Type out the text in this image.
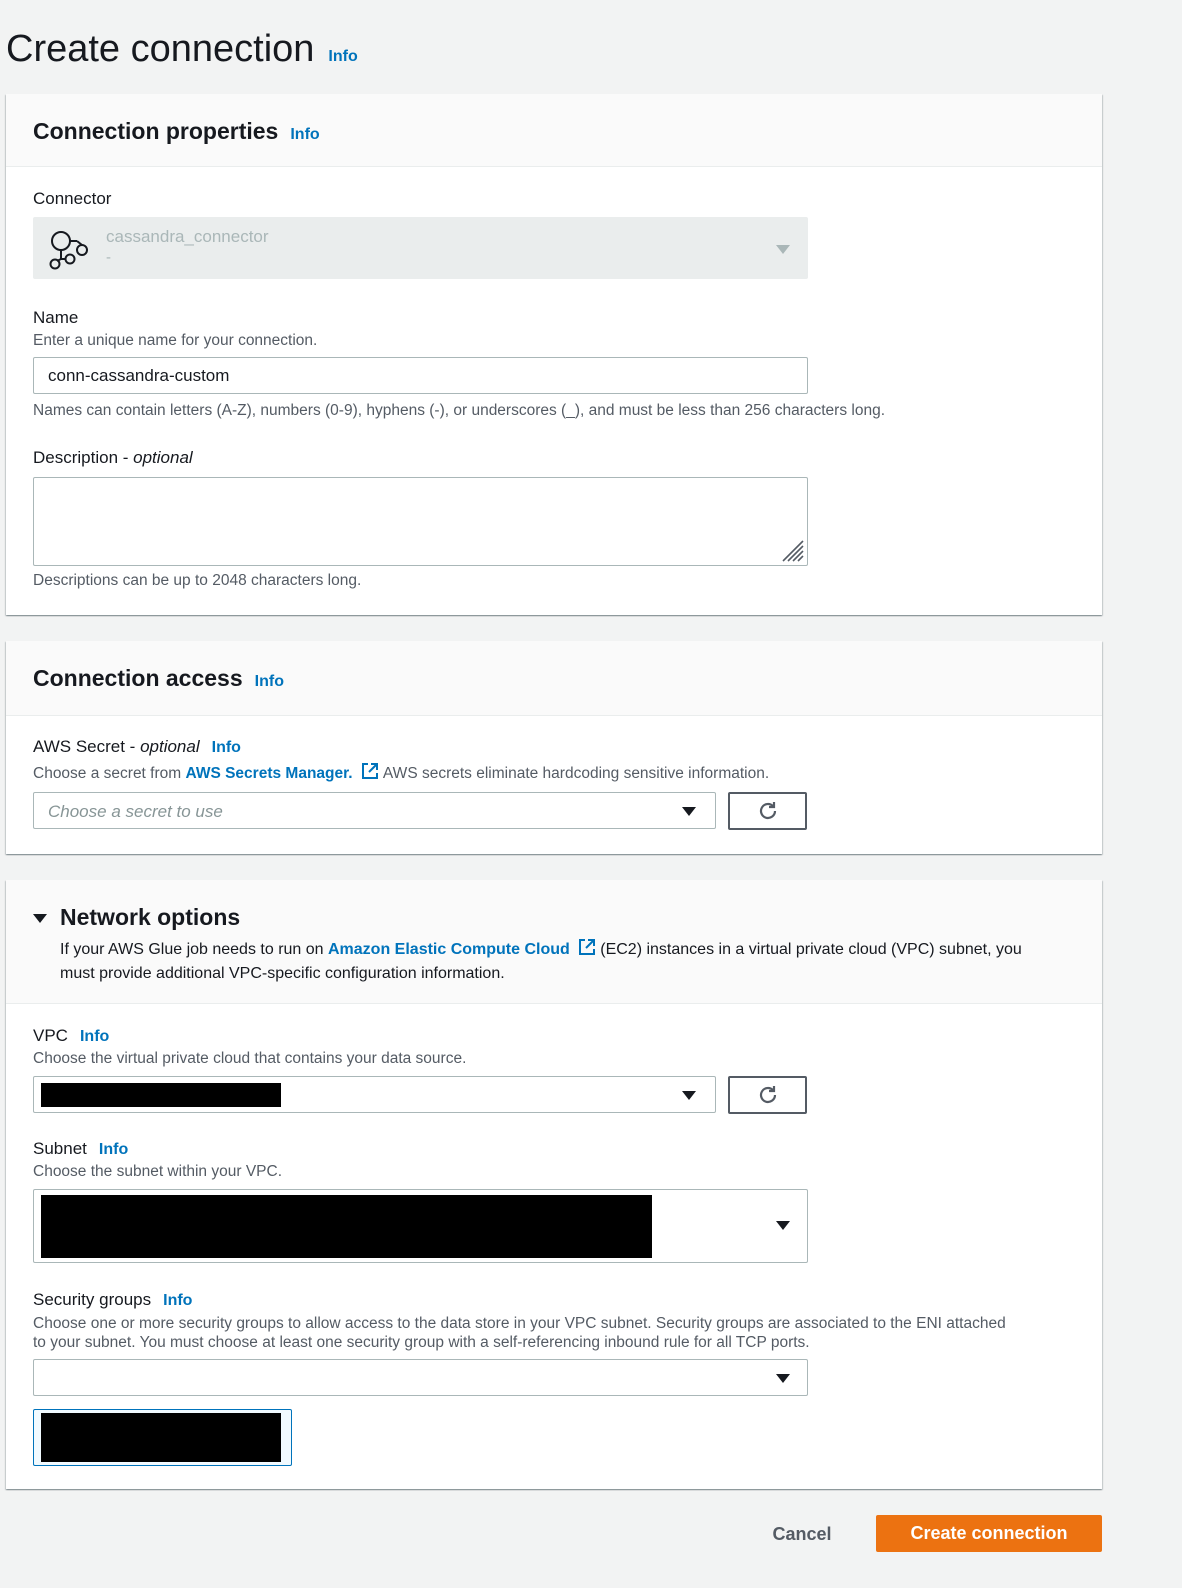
Create connection Info
Connection properties Info
Connector
cassandra_connector
-
Name
Enter a unique name for your connection.
conn-cassandra-custom
Names can contain letters (A-Z), numbers (0-9), hyphens (-), or underscores (_), and must be less than 256 characters long.
Description - optional
Descriptions can be up to 2048 characters long.
Connection access Info
AWS Secret - optional Info
Choose a secret from AWS Secrets Manager. AWS secrets eliminate hardcoding sensitive information.
Choose a secret to use
Network options
If your AWS Glue job needs to run on Amazon Elastic Compute Cloud (EC2) instances in a virtual private cloud (VPC) subnet, you
must provide additional VPC-specific configuration information.
VPC Info
Choose the virtual private cloud that contains your data source.
Subnet Info
Choose the subnet within your VPC.
Security groups Info
Choose one or more security groups to allow access to the data store in your VPC subnet. Security groups are associated to the ENI attached
to your subnet. You must choose at least one security group with a self-referencing inbound rule for all TCP ports.
Cancel	Create connection
